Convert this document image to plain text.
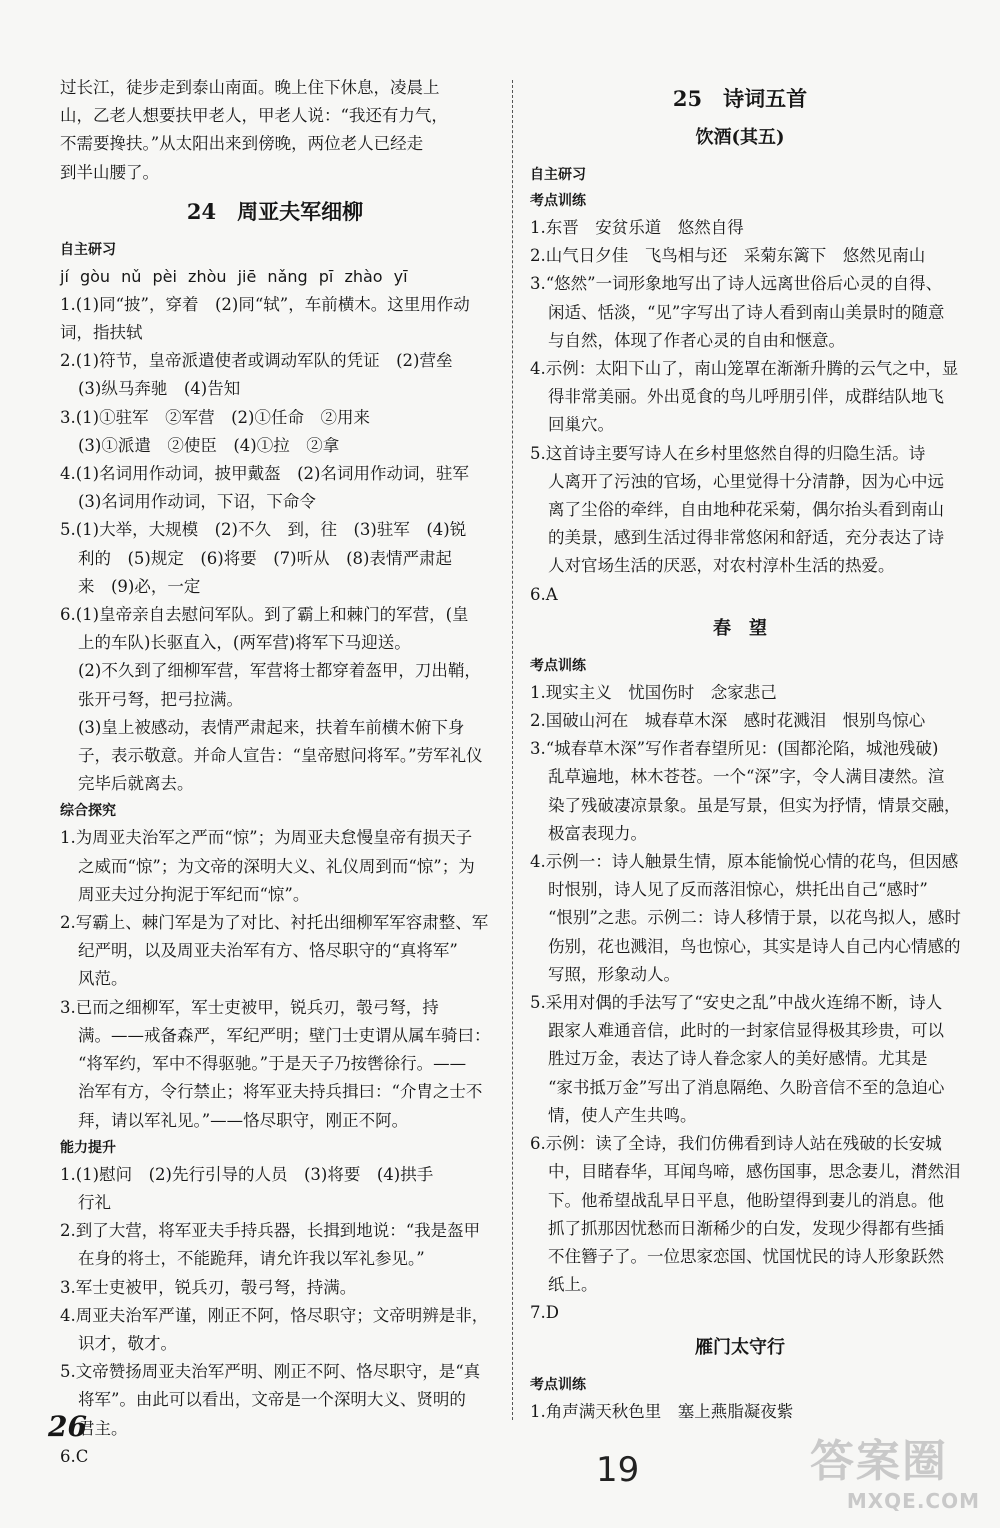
过长江，徒步走到泰山南面。晚上住下休息，凌晨上
山，乙老人想要扶甲老人，甲老人说：“我还有力气，
不需要搀扶。”从太阳出来到傍晚，两位老人已经走
到半山腰了。
24　周亚夫军细柳
自主研习
jí gòu nǔ pèi zhòu jiē nǎng pī zhào yī
1.(1)同“披”，穿着　(2)同“轼”，车前横木。这里用作动
词，指扶轼
2.(1)符节，皇帝派遣使者或调动军队的凭证　(2)营垒
(3)纵马奔驰　(4)告知
3.(1)①驻军　②军营　(2)①任命　②用来
(3)①派遣　②使臣　(4)①拉　②拿
4.(1)名词用作动词，披甲戴盔　(2)名词用作动词，驻军
(3)名词用作动词，下诏，下命令
5.(1)大举，大规模　(2)不久　到，往　(3)驻军　(4)锐
利的　(5)规定　(6)将要　(7)听从　(8)表情严肃起
来　(9)必，一定
6.(1)皇帝亲自去慰问军队。到了霸上和棘门的军营，(皇
上的车队)长驱直入，(两军营)将军下马迎送。
(2)不久到了细柳军营，军营将士都穿着盔甲，刀出鞘，
张开弓弩，把弓拉满。
(3)皇上被感动，表情严肃起来，扶着车前横木俯下身
子，表示敬意。并命人宣告：“皇帝慰问将军。”劳军礼仪
完毕后就离去。
综合探究
1.为周亚夫治军之严而“惊”；为周亚夫怠慢皇帝有损天子
之威而“惊”；为文帝的深明大义、礼仪周到而“惊”；为
周亚夫过分拘泥于军纪而“惊”。
2.写霸上、棘门军是为了对比、衬托出细柳军军容肃整、军
纪严明，以及周亚夫治军有方、恪尽职守的“真将军”
风范。
3.已而之细柳军，军士吏被甲，锐兵刃，彀弓弩，持
满。——戒备森严，军纪严明；壁门士吏谓从属车骑曰：
“将军约，军中不得驱驰。”于是天子乃按辔徐行。——
治军有方，令行禁止；将军亚夫持兵揖曰：“介胄之士不
拜，请以军礼见。”——恪尽职守，刚正不阿。
能力提升
1.(1)慰问　(2)先行引导的人员　(3)将要　(4)拱手
行礼
2.到了大营，将军亚夫手持兵器，长揖到地说：“我是盔甲
在身的将士，不能跪拜，请允许我以军礼参见。”
3.军士吏被甲，锐兵刃，彀弓弩，持满。
4.周亚夫治军严谨，刚正不阿，恪尽职守；文帝明辨是非，
识才，敬才。
5.文帝赞扬周亚夫治军严明、刚正不阿、恪尽职守，是“真
将军”。由此可以看出，文帝是一个深明大义、贤明的
君主。
6.C
25　诗词五首
饮酒(其五)
自主研习
考点训练
1.东晋　安贫乐道　悠然自得
2.山气日夕佳　飞鸟相与还　采菊东篱下　悠然见南山
3.“悠然”一词形象地写出了诗人远离世俗后心灵的自得、
闲适、恬淡，“见”字写出了诗人看到南山美景时的随意
与自然，体现了作者心灵的自由和惬意。
4.示例：太阳下山了，南山笼罩在渐渐升腾的云气之中，显
得非常美丽。外出觅食的鸟儿呼朋引伴，成群结队地飞
回巢穴。
5.这首诗主要写诗人在乡村里悠然自得的归隐生活。诗
人离开了污浊的官场，心里觉得十分清静，因为心中远
离了尘俗的牵绊，自由地种花采菊，偶尔抬头看到南山
的美景，感到生活过得非常悠闲和舒适，充分表达了诗
人对官场生活的厌恶，对农村淳朴生活的热爱。
6.A
春　望
考点训练
1.现实主义　忧国伤时　念家悲己
2.国破山河在　城春草木深　感时花溅泪　恨别鸟惊心
3.“城春草木深”写作者春望所见：(国都沦陷，城池残破)
乱草遍地，林木苍苍。一个“深”字，令人满目凄然。渲
染了残破凄凉景象。虽是写景，但实为抒情，情景交融，
极富表现力。
4.示例一：诗人触景生情，原本能愉悦心情的花鸟，但因感
时恨别，诗人见了反而落泪惊心，烘托出自己“感时”
“恨别”之悲。示例二：诗人移情于景，以花鸟拟人，感时
伤别，花也溅泪，鸟也惊心，其实是诗人自己内心情感的
写照，形象动人。
5.采用对偶的手法写了“安史之乱”中战火连绵不断，诗人
跟家人难通音信，此时的一封家信显得极其珍贵，可以
胜过万金，表达了诗人眷念家人的美好感情。尤其是
“家书抵万金”写出了消息隔绝、久盼音信不至的急迫心
情，使人产生共鸣。
6.示例：读了全诗，我们仿佛看到诗人站在残破的长安城
中，目睹春华，耳闻鸟啼，感伤国事，思念妻儿，潸然泪
下。他希望战乱早日平息，他盼望得到妻儿的消息。他
抓了抓那因忧愁而日渐稀少的白发，发现少得都有些插
不住簪子了。一位思家恋国、忧国忧民的诗人形象跃然
纸上。
7.D
雁门太守行
考点训练
1.角声满天秋色里　塞上燕脂凝夜紫
26
19	答案圈
MXQE.COM
